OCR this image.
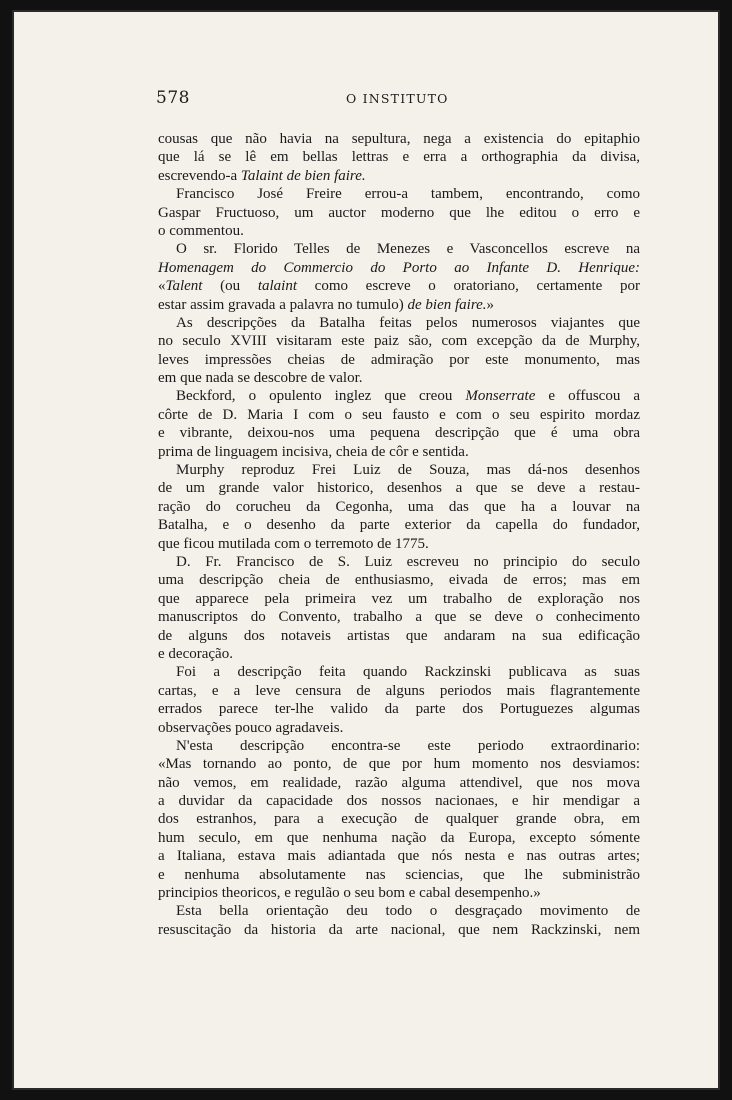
578	O INSTITUTO
cousas que não havia na sepultura, nega a existencia do epitaphio
que lá se lê em bellas lettras e erra a orthographia da divisa,
escrevendo-a Talaint de bien faire.
Francisco José Freire errou-a tambem, encontrando, como
Gaspar Fructuoso, um auctor moderno que lhe editou o erro e
o commentou.
O sr. Florido Telles de Menezes e Vasconcellos escreve na
Homenagem do Commercio do Porto ao Infante D. Henrique:
«Talent (ou talaint como escreve o oratoriano, certamente por
estar assim gravada a palavra no tumulo) de bien faire.»
As descripções da Batalha feitas pelos numerosos viajantes que
no seculo XVIII visitaram este paiz são, com excepção da de Murphy,
leves impressões cheias de admiração por este monumento, mas
em que nada se descobre de valor.
Beckford, o opulento inglez que creou Monserrate e offuscou a
côrte de D. Maria I com o seu fausto e com o seu espirito mordaz
e vibrante, deixou-nos uma pequena descripção que é uma obra
prima de linguagem incisiva, cheia de côr e sentida.
Murphy reproduz Frei Luiz de Souza, mas dá-nos desenhos
de um grande valor historico, desenhos a que se deve a restau-
ração do corucheu da Cegonha, uma das que ha a louvar na
Batalha, e o desenho da parte exterior da capella do fundador,
que ficou mutilada com o terremoto de 1775.
D. Fr. Francisco de S. Luiz escreveu no principio do seculo
uma descripção cheia de enthusiasmo, eivada de erros; mas em
que apparece pela primeira vez um trabalho de exploração nos
manuscriptos do Convento, trabalho a que se deve o conhecimento
de alguns dos notaveis artistas que andaram na sua edificação
e decoração.
Foi a descripção feita quando Rackzinski publicava as suas
cartas, e a leve censura de alguns periodos mais flagrantemente
errados parece ter-lhe valido da parte dos Portuguezes algumas
observações pouco agradaveis.
N'esta descripção encontra-se este periodo extraordinario:
«Mas tornando ao ponto, de que por hum momento nos desviamos:
não vemos, em realidade, razão alguma attendivel, que nos mova
a duvidar da capacidade dos nossos nacionaes, e hir mendigar a
dos estranhos, para a execução de qualquer grande obra, em
hum seculo, em que nenhuma nação da Europa, excepto sómente
a Italiana, estava mais adiantada que nós nesta e nas outras artes;
e nenhuma absolutamente nas sciencias, que lhe subministrão
principios theoricos, e regulão o seu bom e cabal desempenho.»
Esta bella orientação deu todo o desgraçado movimento de
resuscitação da historia da arte nacional, que nem Rackzinski, nem
